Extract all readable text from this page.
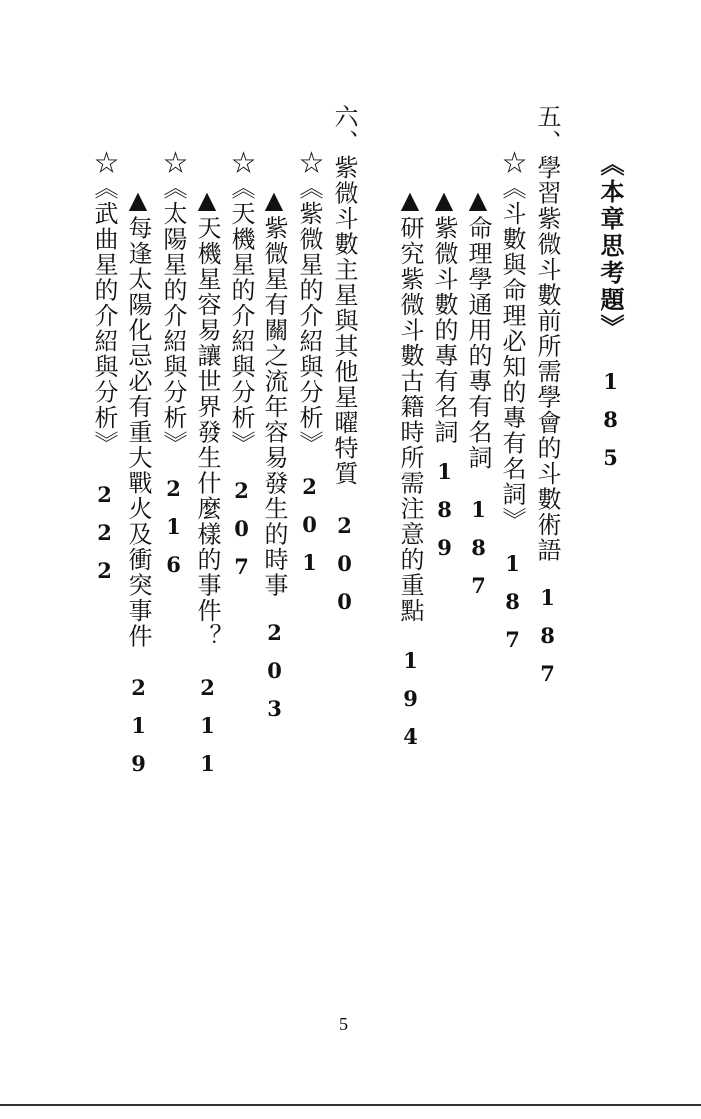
《本章思考題》185
五、學習紫微斗數前所需學會的斗數術語187
☆《斗數與命理必知的專有名詞》187
▲命理學通用的專有名詞187
▲紫微斗數的專有名詞189
▲研究紫微斗數古籍時所需注意的重點194
六、紫微斗數主星與其他星曜特質200
☆《紫微星的介紹與分析》201
▲紫微星有關之流年容易發生的時事203
☆《天機星的介紹與分析》207
▲天機星容易讓世界發生什麼樣的事件？211
☆《太陽星的介紹與分析》216
▲每逢太陽化忌必有重大戰火及衝突事件219
☆《武曲星的介紹與分析》222
5
